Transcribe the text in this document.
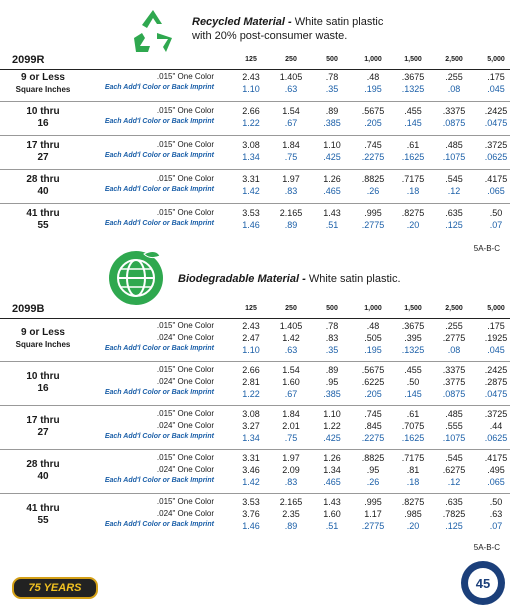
Recycled Material - White satin plastic
with 20% post-consumer waste.
2099R	125	250	500	1,000	1,500	2,500	5,000
9 or Less
Square Inches
.015" One Color	2.43	1.405	.78	.48	.3675	.255	.175
Each Add'l Color or Back Imprint	1.10	.63	.35	.195	.1325	.08	.045
10 thru
16
.015" One Color	2.66	1.54	.89	.5675	.455	.3375	.2425
Each Add'l Color or Back Imprint	1.22	.67	.385	.205	.145	.0875	.0475
17 thru
27
.015" One Color	3.08	1.84	1.10	.745	.61	.485	.3725
Each Add'l Color or Back Imprint	1.34	.75	.425	.2275	.1625	.1075	.0625
28 thru
40
.015" One Color	3.31	1.97	1.26	.8825	.7175	.545	.4175
Each Add'l Color or Back Imprint	1.42	.83	.465	.26	.18	.12	.065
41 thru
55
.015" One Color	3.53	2.165	1.43	.995	.8275	.635	.50
Each Add'l Color or Back Imprint	1.46	.89	.51	.2775	.20	.125	.07
5A-B-C
2099B	125	250	500	1,000	1,500	2,500	5,000
9 or Less
Square Inches
.015" One Color	2.43	1.405	.78	.48	.3675	.255	.175
.024" One Color	2.47	1.42	.83	.505	.395	.2775	.1925
Each Add'l Color or Back Imprint	1.10	.63	.35	.195	.1325	.08	.045
10 thru
16
.015" One Color	2.66	1.54	.89	.5675	.455	.3375	.2425
.024" One Color	2.81	1.60	.95	.6225	.50	.3775	.2875
Each Add'l Color or Back Imprint	1.22	.67	.385	.205	.145	.0875	.0475
17 thru
27
.015" One Color	3.08	1.84	1.10	.745	.61	.485	.3725
.024" One Color	3.27	2.01	1.22	.845	.7075	.555	.44
Each Add'l Color or Back Imprint	1.34	.75	.425	.2275	.1625	.1075	.0625
28 thru
40
.015" One Color	3.31	1.97	1.26	.8825	.7175	.545	.4175
.024" One Color	3.46	2.09	1.34	.95	.81	.6275	.495
Each Add'l Color or Back Imprint	1.42	.83	.465	.26	.18	.12	.065
41 thru
55
.015" One Color	3.53	2.165	1.43	.995	.8275	.635	.50
.024" One Color	3.76	2.35	1.60	1.17	.985	.7825	.63
Each Add'l Color or Back Imprint	1.46	.89	.51	.2775	.20	.125	.07
5A-B-C
Biodegradable Material - White satin plastic.
75 YEARS	45
